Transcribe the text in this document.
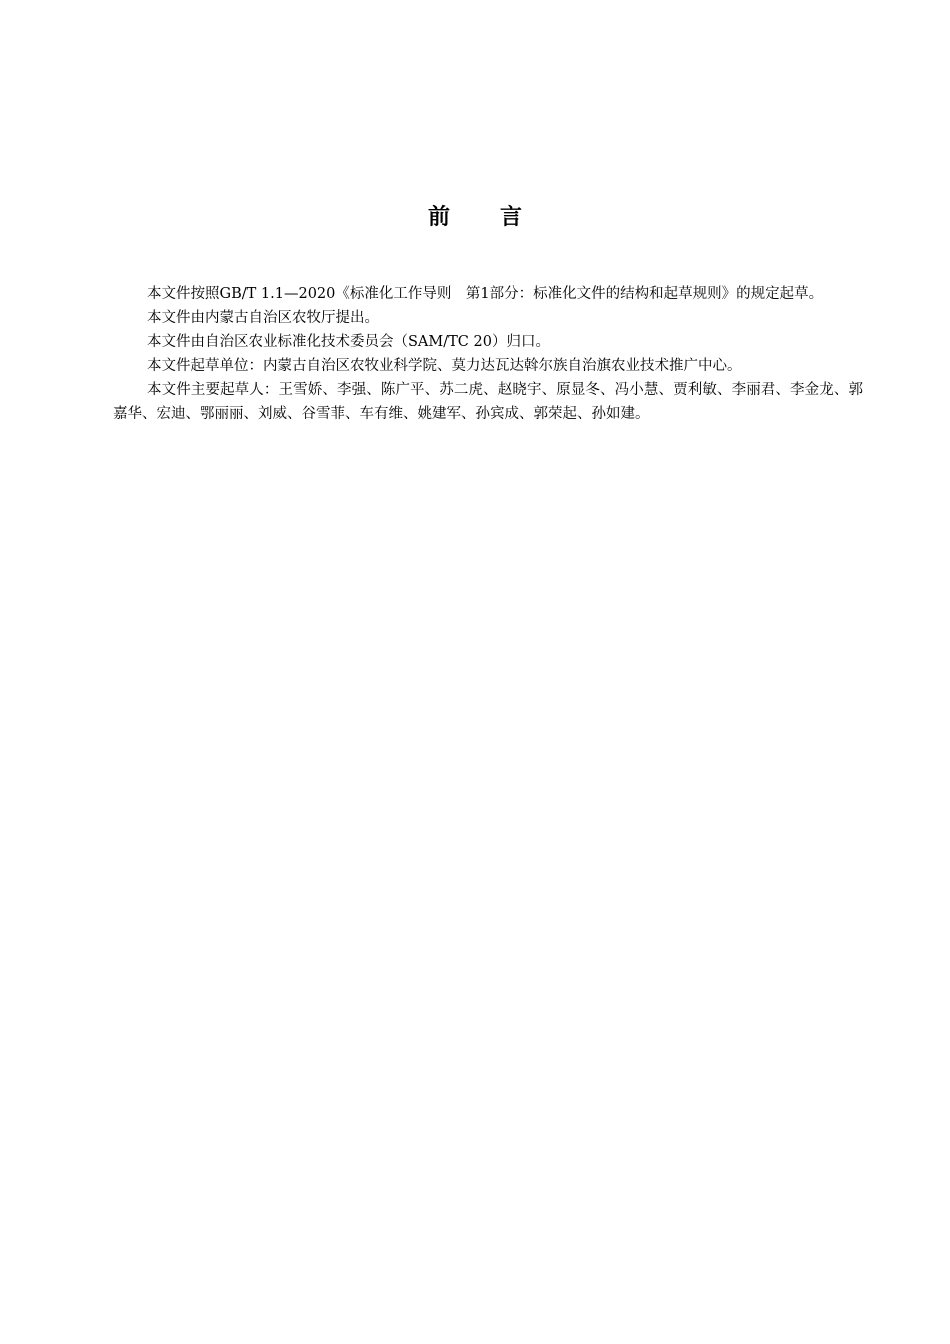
前 言

本文件按照GB/T 1.1—2020《标准化工作导则　第1部分：标准化文件的结构和起草规则》的规定起草。

本文件由内蒙古自治区农牧厅提出。

本文件由自治区农业标准化技术委员会（SAM/TC 20）归口。

本文件起草单位：内蒙古自治区农牧业科学院、莫力达瓦达斡尔族自治旗农业技术推广中心。

本文件主要起草人：王雪娇、李强、陈广平、苏二虎、赵晓宇、原显冬、冯小慧、贾利敏、李丽君、李金龙、郭嘉华、宏迪、鄂丽丽、刘威、谷雪菲、车有维、姚建军、孙宾成、郭荣起、孙如建。
